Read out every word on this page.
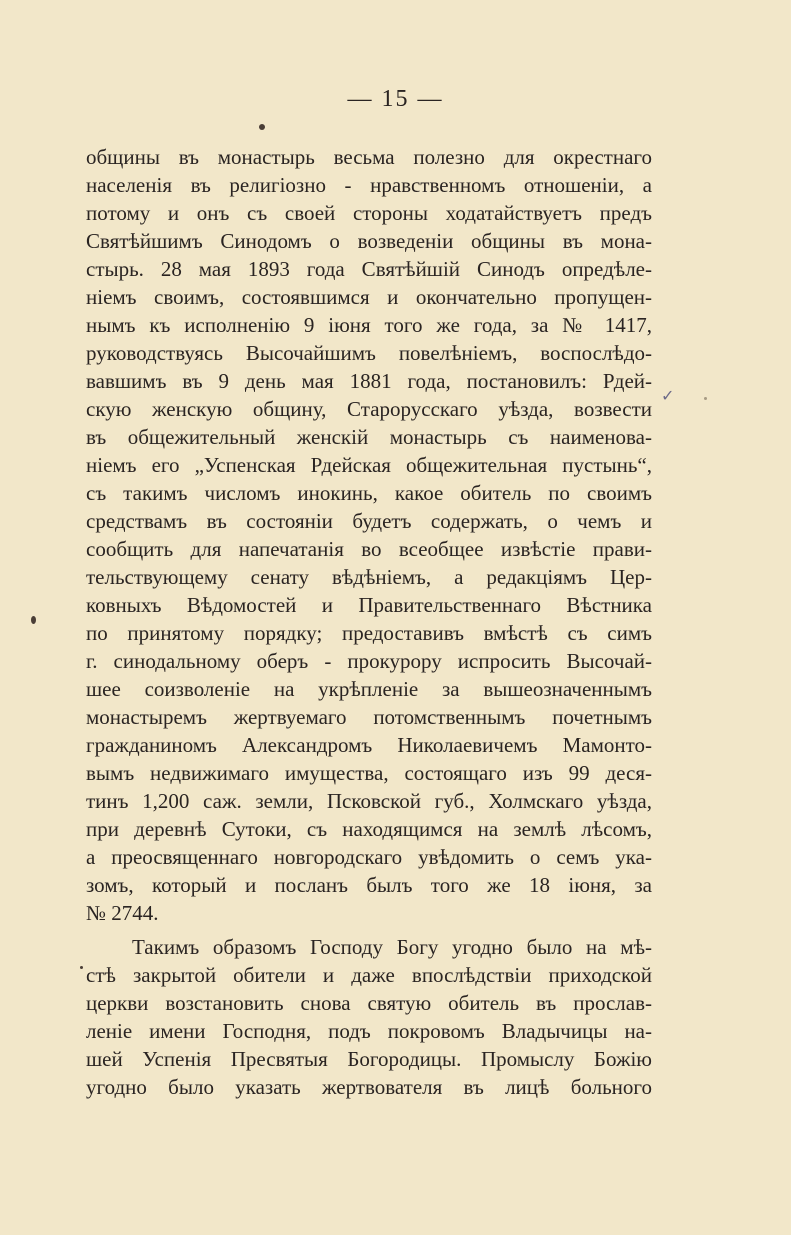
— 15 —
✓
общины въ монастырь весьма полезно для окрестнаго
населенія въ религіозно - нравственномъ отношеніи, а
потому и онъ съ своей стороны ходатайствуетъ предъ
Святѣйшимъ Синодомъ о возведеніи общины въ мона-
стырь. 28 мая 1893 года Святѣйшій Синодъ опредѣле-
ніемъ своимъ, состоявшимся и окончательно пропущен-
нымъ къ исполненію 9 іюня того же года, за № 1417,
руководствуясь Высочайшимъ повелѣніемъ, воспослѣдо-
вавшимъ въ 9 день мая 1881 года, постановилъ: Рдей-
скую женскую общину, Старорусскаго уѣзда, возвести
въ общежительный женскій монастырь съ наименова-
ніемъ его „Успенская Рдейская общежительная пустынь“,
съ такимъ числомъ инокинь, какое обитель по своимъ
средствамъ въ состояніи будетъ содержать, о чемъ и
сообщить для напечатанія во всеобщее извѣстіе прави-
тельствующему сенату вѣдѣніемъ, а редакціямъ Цер-
ковныхъ Вѣдомостей и Правительственнаго Вѣстника
по принятому порядку; предоставивъ вмѣстѣ съ симъ
г. синодальному оберъ - прокурору испросить Высочай-
шее соизволеніе на укрѣпленіе за вышеозначеннымъ
монастыремъ жертвуемаго потомственнымъ почетнымъ
гражданиномъ Александромъ Николаевичемъ Мамонто-
вымъ недвижимаго имущества, состоящаго изъ 99 деся-
тинъ 1,200 саж. земли, Псковской губ., Холмскаго уѣзда,
при деревнѣ Сутоки, съ находящимся на землѣ лѣсомъ,
а преосвященнаго новгородскаго увѣдомить о семъ ука-
зомъ, который и посланъ былъ того же 18 іюня, за
№ 2744.
Такимъ образомъ Господу Богу угодно было на мѣ-
стѣ закрытой обители и даже впослѣдствіи приходской
церкви возстановить снова святую обитель въ прослав-
леніе имени Господня, подъ покровомъ Владычицы на-
шей Успенія Пресвятыя Богородицы. Промыслу Божію
угодно было указать жертвователя въ лицѣ больного
